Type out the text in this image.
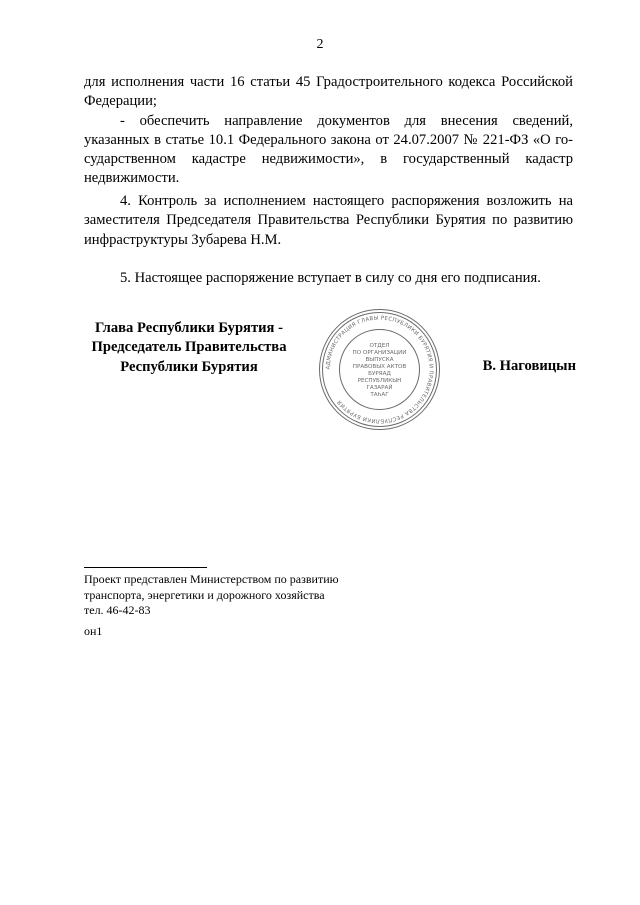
2

для исполнения части 16 статьи 45 Градостроительного кодекса Российской Федерации;

- обеспечить направление документов для внесения сведений, указанных в статье 10.1 Федерального закона от 24.07.2007 № 221-ФЗ «О го-сударственном кадастре недвижимости», в государственный кадастр недвижимости.

4. Контроль за исполнением настоящего распоряжения возложить на заместителя Председателя Правительства Республики Бурятия по развитию инфраструктуры Зубарева Н.М.

5. Настоящее распоряжение вступает в силу со дня его подписания.

Глава Республики Бурятия -
Председатель Правительства
Республики Бурятия	АДМИНИСТРАЦИЯ ГЛАВЫ РЕСПУБЛИКИ БУРЯТИЯ И ПРАВИТЕЛЬСТВА РЕСПУБЛИКИ БУРЯТИЯ
ОТДЕЛ
ПО ОРГАНИЗАЦИИ
ВЫПУСКА
ПРАВОВЫХ АКТОВ
БУРЯАД
РЕСПУБЛИКЫН
ГАЗАРАЙ
ТАҺАГ
В. Наговицын
Проект представлен Министерством по развитию
транспорта, энергетики и дорожного хозяйства
тел. 46-42-83
он1
